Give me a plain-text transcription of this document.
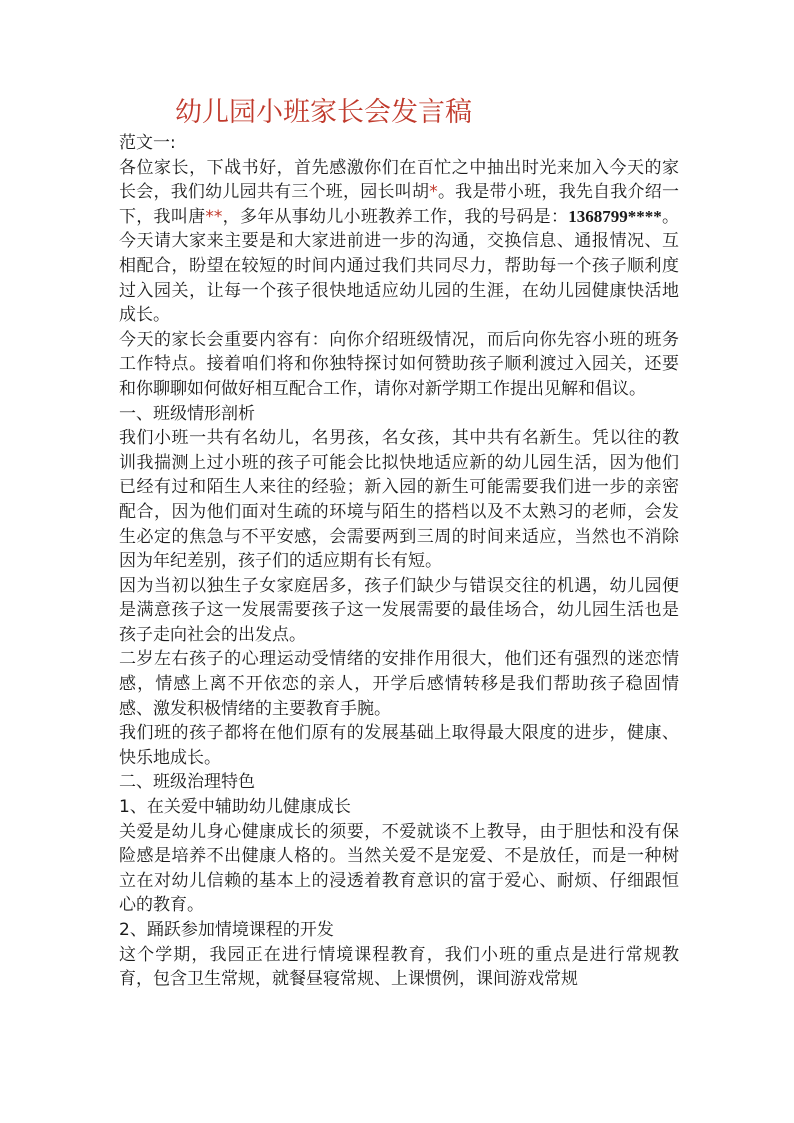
幼儿园小班家长会发言稿

范文一:

各位家长，下战书好，首先感激你们在百忙之中抽出时光来加入今天的家长会，我们幼儿园共有三个班，园长叫胡*。我是带小班，我先自我介绍一下，我叫唐**，多年从事幼儿小班教养工作，我的号码是：1368799****。今天请大家来主要是和大家进前进一步的沟通，交换信息、通报情况、互相配合，盼望在较短的时间内通过我们共同尽力，帮助每一个孩子顺利度过入园关，让每一个孩子很快地适应幼儿园的生涯，在幼儿园健康快活地成长。

今天的家长会重要内容有：向你介绍班级情况，而后向你先容小班的班务工作特点。接着咱们将和你独特探讨如何赞助孩子顺利渡过入园关，还要和你聊聊如何做好相互配合工作，请你对新学期工作提出见解和倡议。

一、班级情形剖析

我们小班一共有名幼儿，名男孩，名女孩，其中共有名新生。凭以往的教训我揣测上过小班的孩子可能会比拟快地适应新的幼儿园生活，因为他们已经有过和陌生人来往的经验；新入园的新生可能需要我们进一步的亲密配合，因为他们面对生疏的环境与陌生的搭档以及不太熟习的老师，会发生必定的焦急与不平安感，会需要两到三周的时间来适应，当然也不消除因为年纪差别，孩子们的适应期有长有短。

因为当初以独生子女家庭居多，孩子们缺少与错误交往的机遇，幼儿园便是满意孩子这一发展需要孩子这一发展需要的最佳场合，幼儿园生活也是孩子走向社会的出发点。

二岁左右孩子的心理运动受情绪的安排作用很大，他们还有强烈的迷恋情感，情感上离不开依恋的亲人，开学后感情转移是我们帮助孩子稳固情感、激发积极情绪的主要教育手腕。

我们班的孩子都将在他们原有的发展基础上取得最大限度的进步，健康、快乐地成长。

二、班级治理特色

1、在关爱中辅助幼儿健康成长

关爱是幼儿身心健康成长的须要，不爱就谈不上教导，由于胆怯和没有保险感是培养不出健康人格的。当然关爱不是宠爱、不是放任，而是一种树立在对幼儿信赖的基本上的浸透着教育意识的富于爱心、耐烦、仔细跟恒心的教育。

2、踊跃参加情境课程的开发

这个学期，我园正在进行情境课程教育，我们小班的重点是进行常规教育，包含卫生常规，就餐昼寝常规、上课惯例，课间游戏常规
